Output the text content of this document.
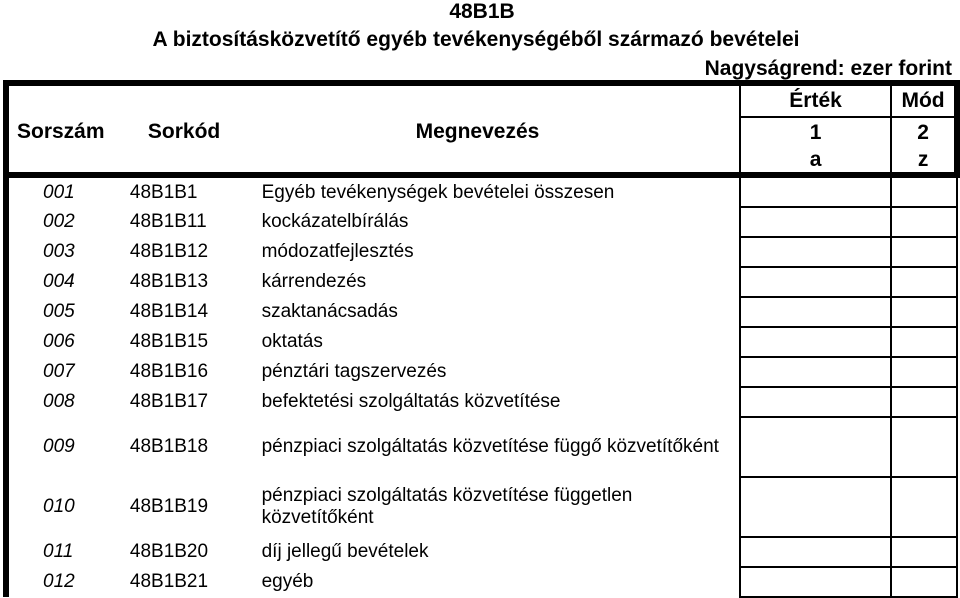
48B1B
A biztosításközvetítő egyéb tevékenységéből származó bevételei
Nagyságrend: ezer forint
			Érték	Mód
Sorszám	Sorkód	Megnevezés	1	2
			a	z
001	48B1B1	Egyéb tevékenységek bevételei összesen		
002	48B1B11	kockázatelbírálás		
003	48B1B12	módozatfejlesztés		
004	48B1B13	kárrendezés		
005	48B1B14	szaktanácsadás		
006	48B1B15	oktatás		
007	48B1B16	pénztári tagszervezés		
008	48B1B17	befektetési szolgáltatás közvetítése		
009	48B1B18	pénzpiaci szolgáltatás közvetítése függő közvetítőként		
010	48B1B19	pénzpiaci szolgáltatás közvetítése független közvetítőként		
011	48B1B20	díj jellegű bevételek		
012	48B1B21	egyéb		
